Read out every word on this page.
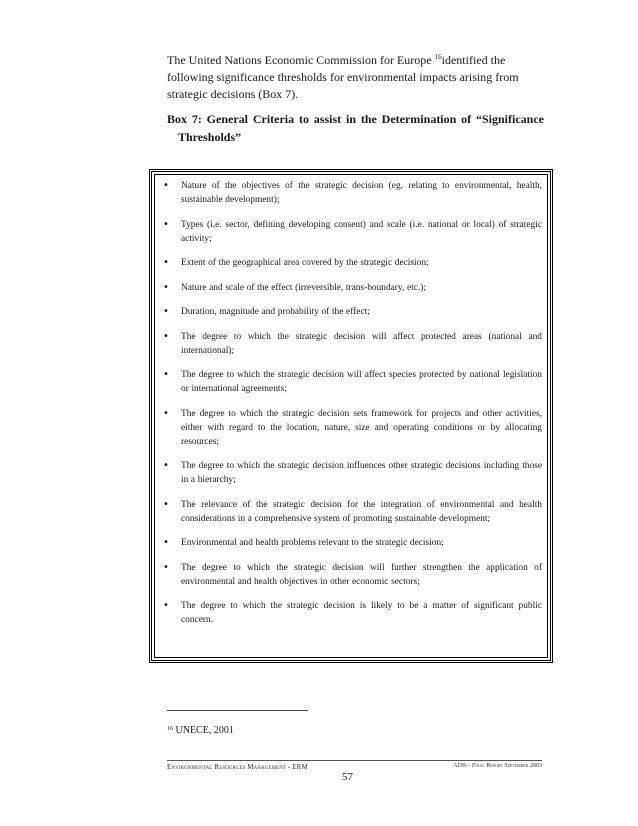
The United Nations Economic Commission for Europe $^{16}$identified the following significance thresholds for environmental impacts arising from strategic decisions (Box 7).

Box 7: General Criteria to assist in the Determination of “Significance Thresholds”
• Nature of the objectives of the strategic decision (eg. relating to environmental, health, sustainable development);
• Types (i.e. sector, defining developing consent) and scale (i.e. national or local) of strategic activity;
• Extent of the geographical area covered by the strategic decision;
• Nature and scale of the effect (irreversible, trans-boundary, etc.);
• Duration, magnitude and probability of the effect;
• The degree to which the strategic decision will affect protected areas (national and international);
• The degree to which the strategic decision will affect species protected by national legislation or international agreements;
• The degree to which the strategic decision sets framework for projects and other activities, either with regard to the location, nature, size and operating conditions or by allocating resources;
• The degree to which the strategic decision influences other strategic decisions including those in a hierarchy;
• The relevance of the strategic decision for the integration of environmental and health considerations in a comprehensive system of promoting sustainable development;
• Environmental and health problems relevant to the strategic decision;
• The degree to which the strategic decision will further strengthen the application of environmental and health objectives in other economic sectors;
• The degree to which the strategic decision is likely to be a matter of significant public concern.
$^{16}$ UNECE, 2001
Environmental Resources Management - ERM	ADB – Final Report September 2003
57
